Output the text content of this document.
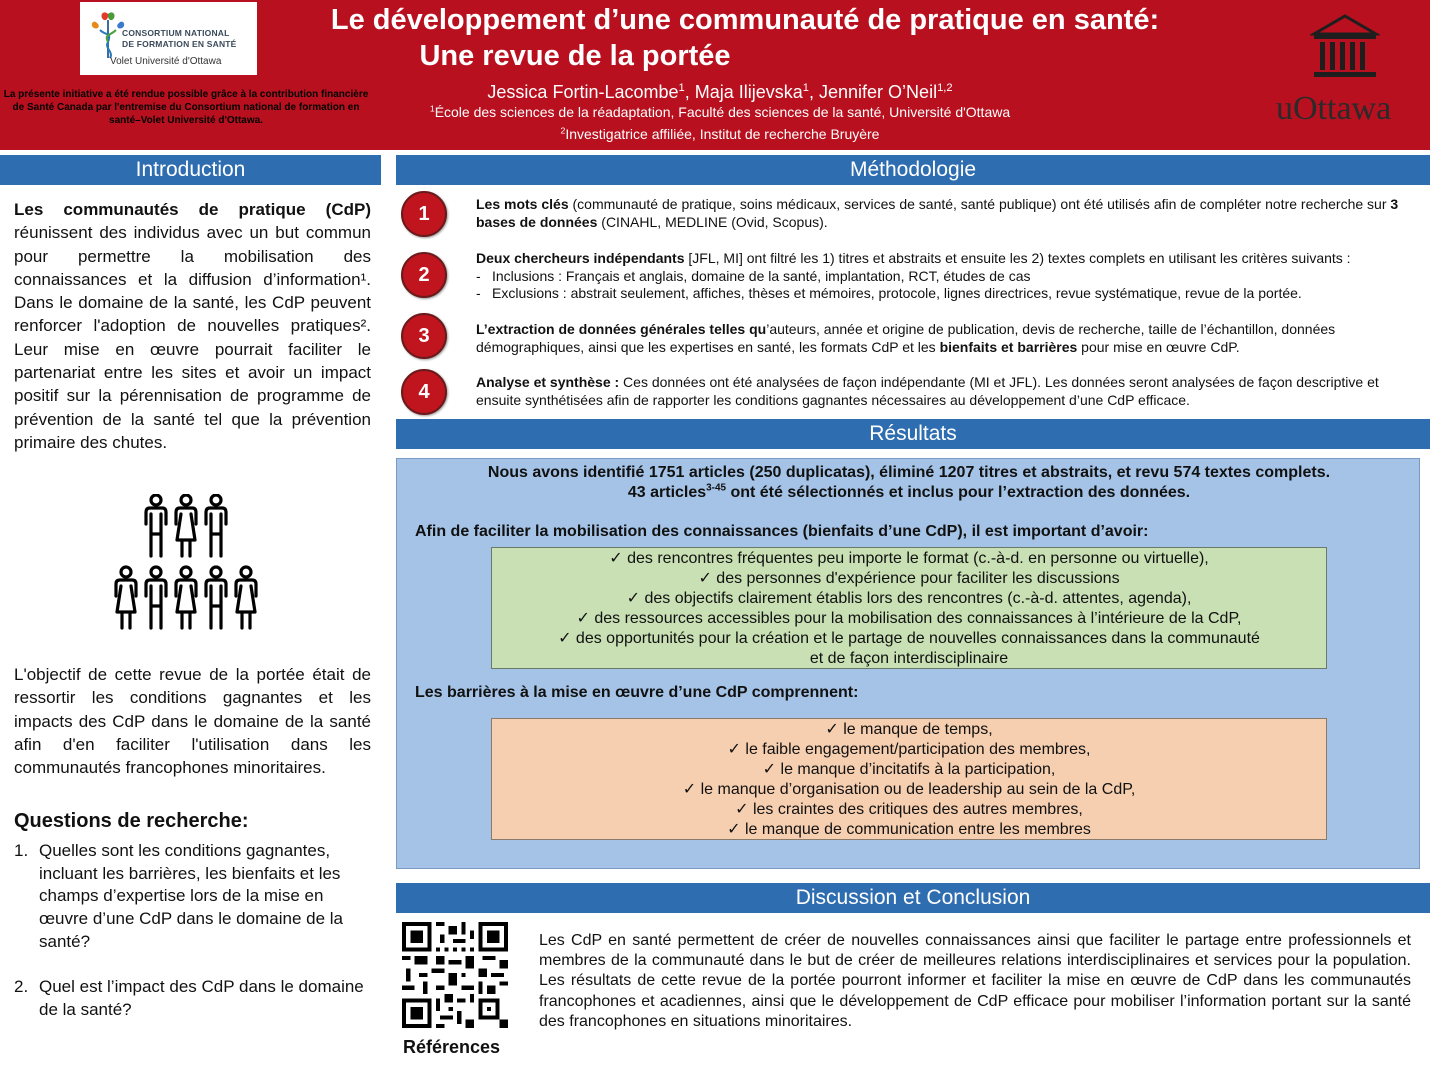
CONSORTIUM NATIONAL
DE FORMATION EN SANTÉ
Volet Université d'Ottawa
La présente initiative a été rendue possible grâce à la contribution financière de Santé Canada par l'entremise du Consortium national de formation en santé–Volet Université d'Ottawa.
Le développement d’une communauté de pratique en santé:
Une revue de la portée
Jessica Fortin-Lacombe$^1$, Maja Ilijevska$^1$, Jennifer O’Neil$^{1,2}$
$^1$École des sciences de la réadaptation, Faculté des sciences de la santé, Université d'Ottawa
$^2$Investigatrice affiliée, Institut de recherche Bruyère
uOttawa
Introduction	Méthodologie
Résultats
Discussion et Conclusion
Les communautés de pratique (CdP) réunissent des individus avec un but commun pour permettre la mobilisation des connaissances et la diffusion d’information¹. Dans le domaine de la santé, les CdP peuvent renforcer l'adoption de nouvelles pratiques². Leur mise en œuvre pourrait faciliter le partenariat entre les sites et avoir un impact positif sur la pérennisation de programme de prévention de la santé tel que la prévention primaire des chutes.
L'objectif de cette revue de la portée était de ressortir les conditions gagnantes et les impacts des CdP dans le domaine de la santé afin d'en faciliter l'utilisation dans les communautés francophones minoritaires.
Questions de recherche:
1. Quelles sont les conditions gagnantes, incluant les barrières, les bienfaits et les champs d’expertise lors de la mise en œuvre d’une CdP dans le domaine de la santé?
2. Quel est l’impact des CdP dans le domaine de la santé?
1	Les mots clés (communauté de pratique, soins médicaux, services de santé, santé publique) ont été utilisés afin de compléter notre recherche sur 3 bases de données (CINAHL, MEDLINE (Ovid, Scopus).
2
Deux chercheurs indépendants [JFL, MI] ont filtré les 1) titres et abstraits et ensuite les 2) textes complets en utilisant les critères suivants :
- Inclusions : Français et anglais, domaine de la santé, implantation, RCT, études de cas
- Exclusions : abstrait seulement, affiches, thèses et mémoires, protocole, lignes directrices, revue systématique, revue de la portée.
3	L’extraction de données générales telles qu’auteurs, année et origine de publication, devis de recherche, taille de l’échantillon, données démographiques, ainsi que les expertises en santé, les formats CdP et les bienfaits et barrières pour mise en œuvre CdP.
4	Analyse et synthèse : Ces données ont été analysées de façon indépendante (MI et JFL). Les données seront analysées de façon descriptive et ensuite synthétisées afin de rapporter les conditions gagnantes nécessaires au développement d’une CdP efficace.
Nous avons identifié 1751 articles (250 duplicatas), éliminé 1207 titres et abstraits, et revu 574 textes complets.
43 articles$^{3-45}$ ont été sélectionnés et inclus pour l’extraction des données.
Afin de faciliter la mobilisation des connaissances (bienfaits d’une CdP), il est important d’avoir:
✓ des rencontres fréquentes peu importe le format (c.-à-d. en personne ou virtuelle),
✓ des personnes d'expérience pour faciliter les discussions
✓ des objectifs clairement établis lors des rencontres (c.-à-d. attentes, agenda),
✓ des ressources accessibles pour la mobilisation des connaissances à l’intérieure de la CdP,
✓ des opportunités pour la création et le partage de nouvelles connaissances dans la communauté et de façon interdisciplinaire
Les barrières à la mise en œuvre d’une CdP comprennent:
✓ le manque de temps,
✓ le faible engagement/participation des membres,
✓ le manque d’incitatifs à la participation,
✓ le manque d’organisation ou de leadership au sein de la CdP,
✓ les craintes des critiques des autres membres,
✓ le manque de communication entre les membres
Références
Les CdP en santé permettent de créer de nouvelles connaissances ainsi que faciliter le partage entre professionnels et membres de la communauté dans le but de créer de meilleures relations interdisciplinaires et services pour la population. Les résultats de cette revue de la portée pourront informer et faciliter la mise en œuvre de CdP dans les communautés francophones et acadiennes, ainsi que le développement de CdP efficace pour mobiliser l’information portant sur la santé des francophones en situations minoritaires.
